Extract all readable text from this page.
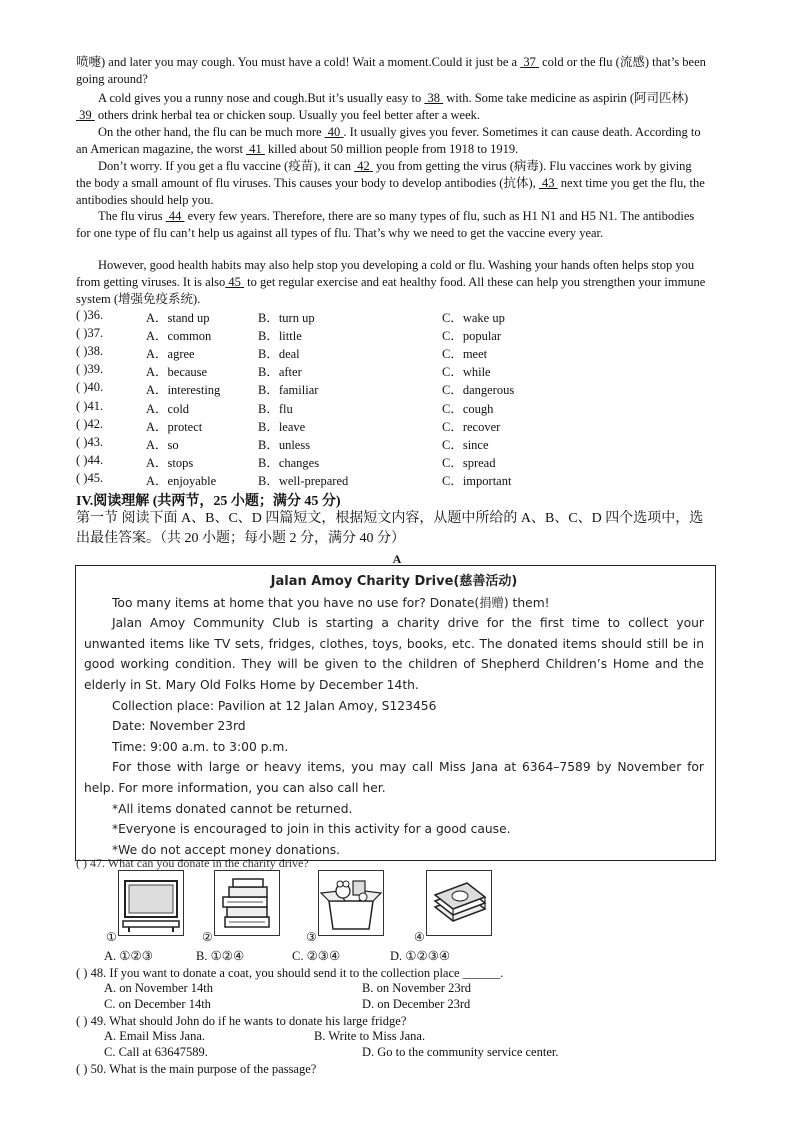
喷嚏) and later you may cough. You must have a cold! Wait a moment.Could it just be a  37  cold or the flu (流感) that’s been going around?

A cold gives you a runny nose and cough.But it’s usually easy to  38  with. Some take medicine as aspirin (阿司匹林)  39  others drink herbal tea or chicken soup. Usually you feel better after a week.

On the other hand, the flu can be much more  40 . It usually gives you fever. Sometimes it can cause death. According to an American magazine, the worst  41  killed about 50 million people from 1918 to 1919.

Don’t worry. If you get a flu vaccine (疫苗), it can  42  you from getting the virus (病毒). Flu vaccines work by giving the body a small amount of flu viruses. This causes your body to develop antibodies (抗体),  43  next time you get the flu, the antibodies should help you.

The flu virus  44  every few years. Therefore, there are so many types of flu, such as H1 N1 and H5 N1. The antibodies for one type of flu can’t help us against all types of flu. That’s why we need to get the vaccine every year.

However, good health habits may also help stop you developing a cold or flu. Washing your hands often helps stop you from getting viruses. It is also 45  to get regular exercise and eat healthy food. All these can help you strengthen your immune system (增强免疫系统).

( )36.	A．stand up	B．turn up	C．wake up
( )37.	A．common	B．little	C．popular
( )38.	A．agree	B．deal	C．meet
( )39.	A．because	B．after	C．while
( )40.	A．interesting	B．familiar	C．dangerous
( )41.	A．cold	B．flu	C．cough
( )42.	A．protect	B．leave	C．recover
( )43.	A．so	B．unless	C．since
( )44.	A．stops	B．changes	C．spread
( )45.	A．enjoyable	B．well-prepared	C．important
IV.阅读理解 (共两节，25 小题；满分 45 分)
第一节 阅读下面 A、B、C、D 四篇短文，根据短文内容，从题中所给的 A、B、C、D 四个选项中，选出最佳答案。（共 20 小题；每小题 2 分，满分 40 分）
A
Jalan Amoy Charity Drive(慈善活动)

Too many items at home that you have no use for? Donate(捐赠) them!

Jalan Amoy Community Club is starting a charity drive for the first time to collect your unwanted items like TV sets, fridges, clothes, toys, books, etc. The donated items should still be in good working condition. They will be given to the children of Shepherd Children’s Home and the elderly in St. Mary Old Folks Home by December 14th.

Collection place: Pavilion at 12 Jalan Amoy, S123456

Date: November 23rd

Time: 9:00 a.m. to 3:00 p.m.

For those with large or heavy items, you may call Miss Jana at 6364–7589 by November for help. For more information, you can also call her.

*All items donated cannot be returned.

*Everyone is encouraged to join in this activity for a good cause.

*We do not accept money donations.

( ) 47. What can you donate in the charity drive?
①	②	③	④
A. ①②③	B. ①②④	C. ②③④	D. ①②③④
( ) 48. If you want to donate a coat, you should send it to the collection place ______.
A. on November 14th	B. on November 23rd
C. on December 14th	D. on December 23rd
( ) 49. What should John do if he wants to donate his large fridge?
A. Email Miss Jana.	B. Write to Miss Jana.
C. Call at 63647589.	D. Go to the community service center.
( ) 50. What is the main purpose of the passage?
